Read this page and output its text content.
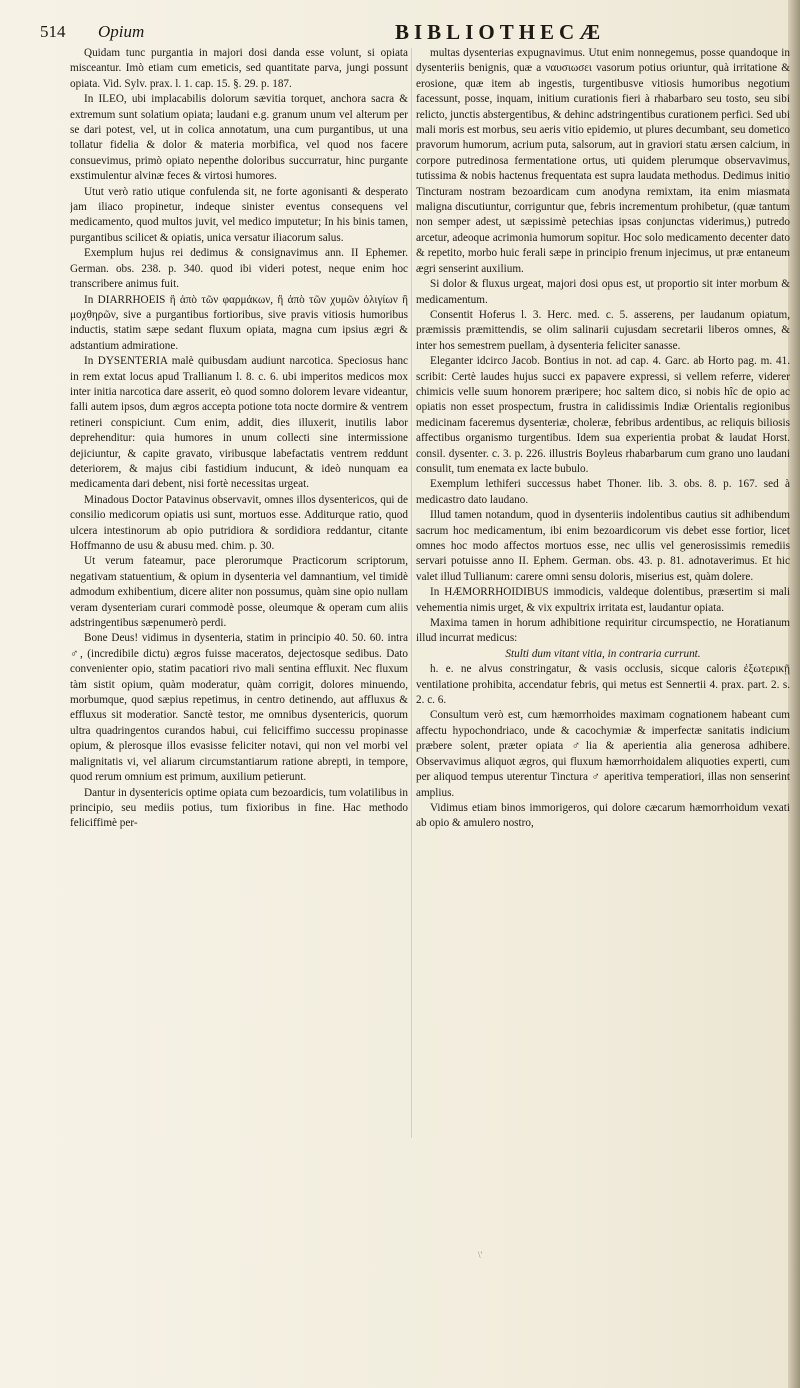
514 Opium	BIBLIOTHECÆ

Quidam tunc purgantia in majori dosi danda esse volunt, si opiata misceantur. Imò etiam cum emeticis, sed quantitate parva, jungi possunt opiata. Vid. Sylv. prax. l. 1. cap. 15. §. 29. p. 187.

In ILEO, ubi implacabilis dolorum sævitia torquet, anchora sacra & extremum sunt solatium opiata; laudani e.g. granum unum vel alterum per se dari potest, vel, ut in colica annotatum, una cum purgantibus, ut una tollatur fidelia & dolor & materia morbifica, vel quod nos facere consuevimus, primò opiato nepenthe doloribus succurratur, hinc purgante exstimulentur alvinæ feces & virtosi humores.

Utut verò ratio utique confulenda sit, ne forte agonisanti & desperato jam iliaco propinetur, indeque sinister eventus consequens vel medicamento, quod multos juvit, vel medico imputetur; In his binis tamen, purgantibus scilicet & opiatis, unica versatur iliacorum salus.

Exemplum hujus rei dedimus & consignavimus ann. II Ephemer. German. obs. 238. p. 340. quod ibi videri potest, neque enim hoc transcribere animus fuit.

In DIARRHOEIS ἢ ἀπὸ τῶν φαρμάκων, ἢ ἀπὸ τῶν χυμῶν ὀλιγίων ἢ μοχθηρῶν, sive a purgantibus fortioribus, sive pravis vitiosis humoribus inductis, statim sæpe sedant fluxum opiata, magna cum ipsius ægri & adstantium admiratione.

In DYSENTERIA malè quibusdam audiunt narcotica. Speciosus hanc in rem extat locus apud Trallianum l. 8. c. 6. ubi imperitos medicos mox inter initia narcotica dare asserit, eò quod somno dolorem levare videantur, falli autem ipsos, dum ægros accepta potione tota nocte dormire & ventrem retineri conspiciunt. Cum enim, addit, dies illuxerit, inutilis labor deprehenditur: quia humores in unum collecti sine intermissione dejiciuntur, & capite gravato, viribusque labefactatis ventrem reddunt deteriorem, & majus cibi fastidium inducunt, & ideò nunquam ea medicamenta dari debent, nisi fortè necessitas urgeat.

Minadous Doctor Patavinus observavit, omnes illos dysentericos, qui de consilio medicorum opiatis usi sunt, mortuos esse. Additurque ratio, quod ulcera intestinorum ab opio putridiora & sordidiora reddantur, citante Hoffmanno de usu & abusu med. chim. p. 30.

Ut verum fateamur, pace plerorumque Practicorum scriptorum, negativam statuentium, & opium in dysenteria vel damnantium, vel timidè admodum exhibentium, dicere aliter non possumus, quàm sine opio nullam veram dysenteriam curari commodè posse, oleumque & operam cum aliis adstringentibus sæpenumerò perdi.

Bone Deus! vidimus in dysenteria, statim in principio 40. 50. 60. intra ♂, (incredibile dictu) ægros fuisse maceratos, dejectosque sedibus. Dato convenienter opio, statim pacatiori rivo mali sentina effluxit. Nec fluxum tàm sistit opium, quàm moderatur, quàm corrigit, dolores minuendo, morbumque, quod sæpius repetimus, in centro detinendo, aut affluxus & effluxus sit moderatior. Sanctè testor, me omnibus dysentericis, quorum ultra quadringentos curandos habui, cui feliciffimo successu propinasse opium, & plerosque illos evasisse feliciter notavi, qui non vel morbi vel malignitatis vi, vel aliarum circumstantiarum ratione abrepti, in tempore, quod rerum omnium est primum, auxilium petierunt.

Dantur in dysentericis optime opiata cum bezoardicis, tum volatilibus in principio, seu mediis potius, tum fixioribus in fine. Hac methodo feliciffimè per-

multas dysenterias expugnavimus. Utut enim nonnegemus, posse quandoque in dysenteriis benignis, quæ a ναυσιωσει vasorum potius oriuntur, quà irritatione & erosione, quæ item ab ingestis, turgentibusve vitiosis humoribus negotium facessunt, posse, inquam, initium curationis fieri à rhabarbaro seu tosto, seu sibi relicto, junctis abstergentibus, & dehinc adstringentibus curationem perfici. Sed ubi mali moris est morbus, seu aeris vitio epidemio, ut plures decumbant, seu dometico pravorum humorum, acrium puta, salsorum, aut in graviori statu ærsen calcium, in corpore putredinosa fermentatione ortus, uti quidem plerumque observavimus, tutissima & nobis hactenus frequentata est supra laudata methodus. Dedimus initio Tincturam nostram bezoardicam cum anodyna remixtam, ita enim miasmata maligna discutiuntur, corriguntur que, febris incrementum prohibetur, (quæ tantum non semper adest, ut sæpissimè petechias ipsas conjunctas viderimus,) putredo arcetur, adeoque acrimonia humorum sopitur. Hoc solo medicamento decenter dato & repetito, morbo huic ferali sæpe in principio frenum injecimus, ut præ entaneum ægri senserint auxilium.

Si dolor & fluxus urgeat, majori dosi opus est, ut proportio sit inter morbum & medicamentum.

Consentit Hoferus l. 3. Herc. med. c. 5. asserens, per laudanum opiatum, præmissis præmittendis, se olim salinarii cujusdam secretarii liberos omnes, & inter hos semestrem puellam, à dysenteria feliciter sanasse.

Eleganter idcirco Jacob. Bontius in not. ad cap. 4. Garc. ab Horto pag. m. 41. scribit: Certè laudes hujus succi ex papavere expressi, si vellem referre, viderer chimicis velle suum honorem præripere; hoc saltem dico, si nobis hîc de opio ac opiatis non esset prospectum, frustra in calidissimis Indiæ Orientalis regionibus medicinam faceremus dysenteriæ, choleræ, febribus ardentibus, ac reliquis biliosis affectibus organismo turgentibus. Idem sua experientia probat & laudat Horst. consil. dysenter. c. 3. p. 226. illustris Boyleus rhabarbarum cum grano uno laudani consulit, tum enemata ex lacte bubulo.

Exemplum lethiferi successus habet Thoner. lib. 3. obs. 8. p. 167. sed à medicastro dato laudano.

Illud tamen notandum, quod in dysenteriis indolentibus cautius sit adhibendum sacrum hoc medicamentum, ibi enim bezoardicorum vis debet esse fortior, licet omnes hoc modo affectos mortuos esse, nec ullis vel generosissimis remediis servari potuisse anno II. Ephem. German. obs. 43. p. 81. adnotaverimus. Et hic valet illud Tullianum: carere omni sensu doloris, miserius est, quàm dolere.

In HÆMORRHOIDIBUS immodicis, valdeque dolentibus, præsertim si mali vehementia nimis urget, & vix expultrix irritata est, laudantur opiata.

Maxima tamen in horum adhibitione requiritur circumspectio, ne Horatianum illud incurrat medicus:

Stulti dum vitant vitia, in contraria currunt.

h. e. ne alvus constringatur, & vasis occlusis, sicque caloris ἐξωτερικῇ ventilatione prohibita, accendatur febris, qui metus est Sennertii 4. prax. part. 2. s. 2. c. 6.

Consultum verò est, cum hæmorrhoides maximam cognationem habeant cum affectu hypochondriaco, unde & cacochymiæ & imperfectæ sanitatis indicium præbere solent, præter opiata ♂lia & aperientia alia generosa adhibere. Observavimus aliquot ægros, qui fluxum hæmorrhoidalem aliquoties experti, cum per aliquod tempus uterentur Tinctura ♂ aperitiva temperatiori, illas non senserint amplius.

Vidimus etiam binos immorigeros, qui dolore cæcarum hæmorrhoidum vexati ab opio & amulero nostro,

\'
